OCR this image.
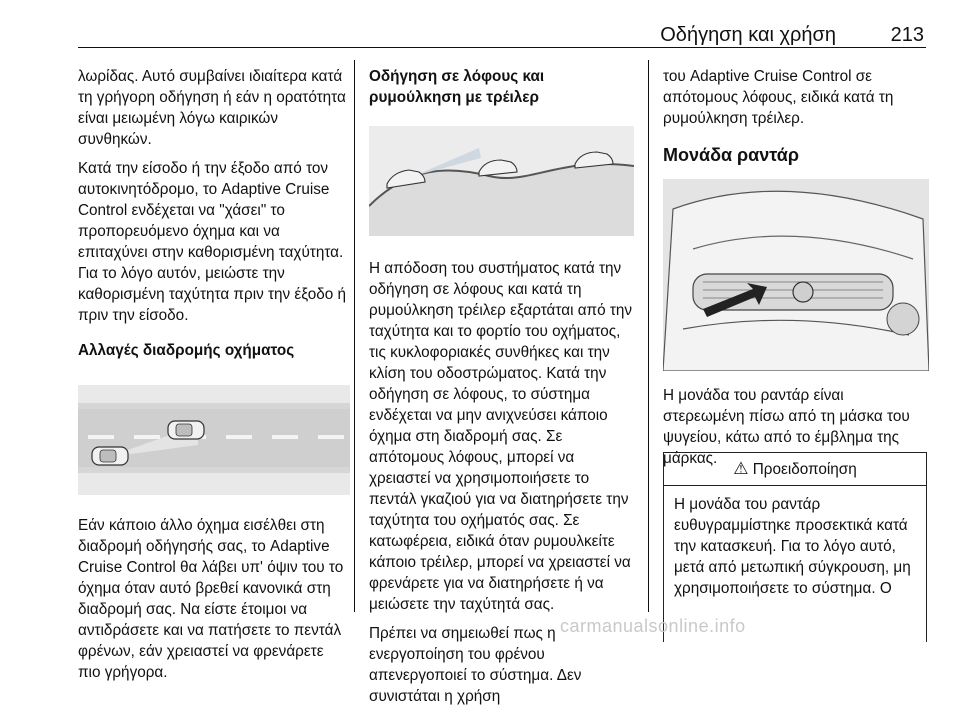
Οδήγηση και χρήση	213

λωρίδας. Αυτό συμβαίνει ιδιαίτερα κατά τη γρήγορη οδήγηση ή εάν η ορατότητα είναι μειωμένη λόγω καιρικών συνθηκών.

Κατά την είσοδο ή την έξοδο από τον αυτοκινητόδρομο, το Adaptive Cruise Control ενδέχεται να "χάσει" το προπορευόμενο όχημα και να επιταχύνει στην καθορισμένη ταχύτητα. Για το λόγο αυτόν, μειώστε την καθορισμένη ταχύτητα πριν την έξοδο ή πριν την είσοδο.

Αλλαγές διαδρομής οχήματος

Εάν κάποιο άλλο όχημα εισέλθει στη διαδρομή οδήγησής σας, το Adaptive Cruise Control θα λάβει υπ' όψιν του το όχημα όταν αυτό βρεθεί κανονικά στη διαδρομή σας. Να είστε έτοιμοι να αντιδράσετε και να πατήσετε το πεντάλ φρένων, εάν χρειαστεί να φρενάρετε πιο γρήγορα.

Οδήγηση σε λόφους και ρυμούλκηση με τρέιλερ

Η απόδοση του συστήματος κατά την οδήγηση σε λόφους και κατά τη ρυμούλκηση τρέιλερ εξαρτάται από την ταχύτητα και το φορτίο του οχήματος, τις κυκλοφοριακές συνθήκες και την κλίση του οδοστρώματος. Κατά την οδήγηση σε λόφους, το σύστημα ενδέχεται να μην ανιχνεύσει κάποιο όχημα στη διαδρομή σας. Σε απότομους λόφους, μπορεί να χρειαστεί να χρησιμοποιήσετε το πεντάλ γκαζιού για να διατηρήσετε την ταχύτητα του οχήματός σας. Σε κατωφέρεια, ειδικά όταν ρυμουλκείτε κάποιο τρέιλερ, μπορεί να χρειαστεί να φρενάρετε για να διατηρήσετε ή να μειώσετε την ταχύτητά σας.

Πρέπει να σημειωθεί πως η ενεργοποίηση του φρένου απενεργοποιεί το σύστημα. Δεν συνιστάται η χρήση

του Adaptive Cruise Control σε απότομους λόφους, ειδικά κατά τη ρυμούλκηση τρέιλερ.

Μονάδα ραντάρ

Η μονάδα του ραντάρ είναι στερεωμένη πίσω από τη μάσκα του ψυγείου, κάτω από το έμβλημα της μάρκας.

⚠ Προειδοποίηση
Η μονάδα του ραντάρ ευθυγραμμίστηκε προσεκτικά κατά την κατασκευή. Για το λόγο αυτό, μετά από μετωπική σύγκρουση, μη χρησιμοποιήσετε το σύστημα. Ο
carmanualsonline.info
